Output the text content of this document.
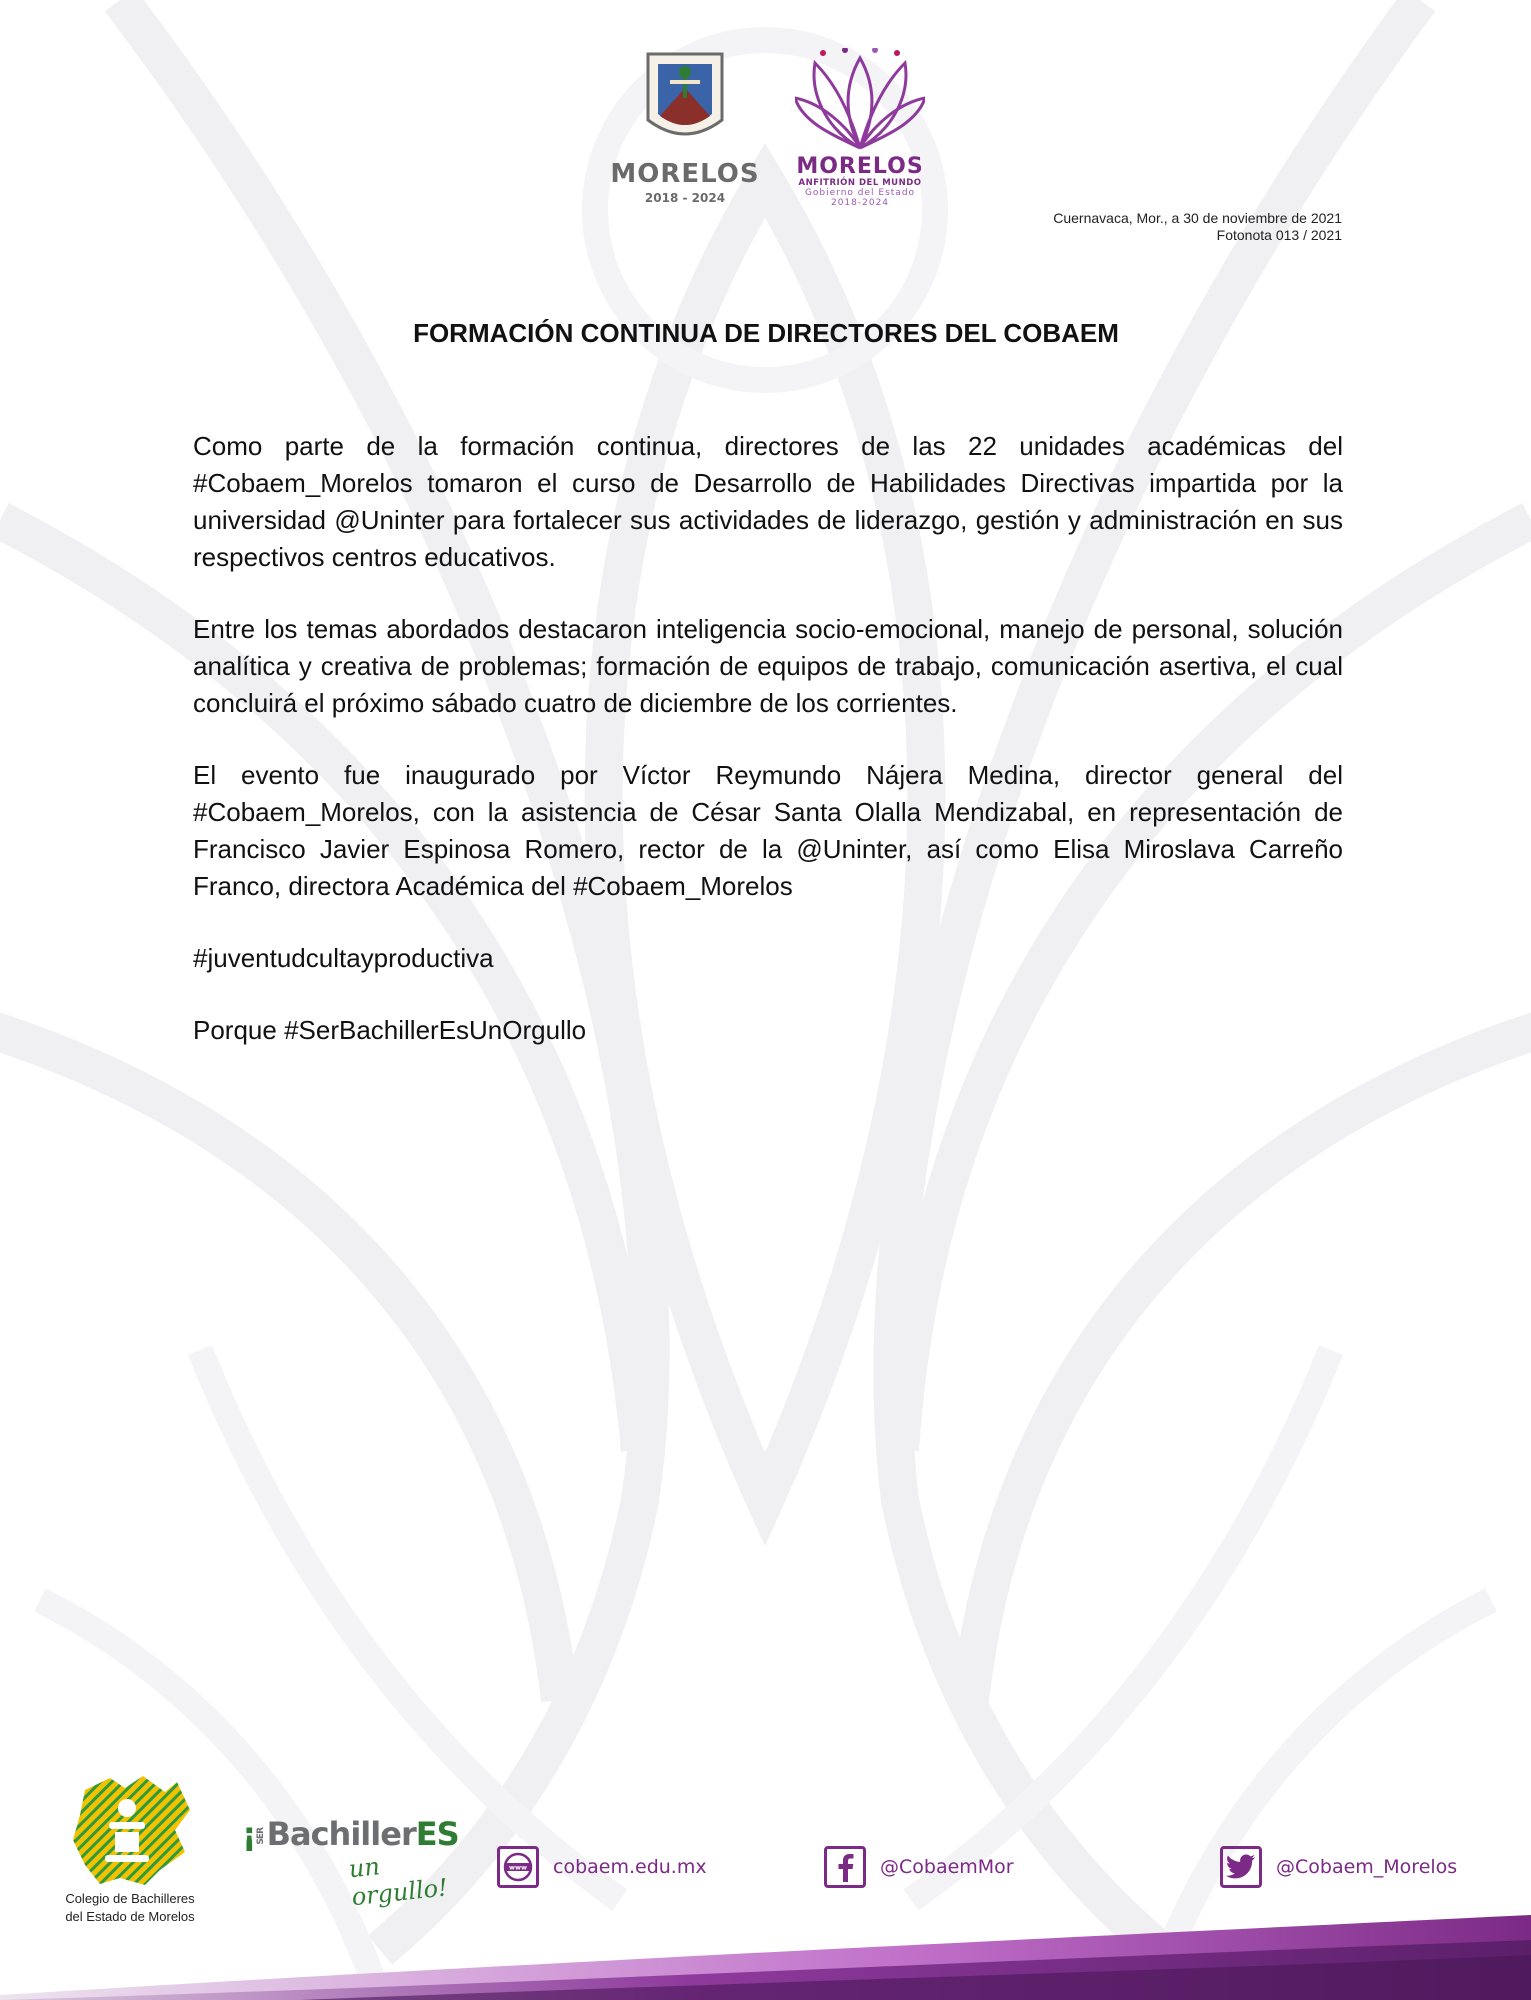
MORELOS
2018 - 2024
MORELOS
ANFITRIÓN DEL MUNDO
Gobierno del Estado
2018-2024
Cuernavaca, Mor., a 30 de noviembre de 2021
Fotonota 013 / 2021
FORMACIÓN CONTINUA DE DIRECTORES DEL COBAEM

Como parte de la formación continua, directores de las 22 unidades académicas del #Cobaem_Morelos tomaron el curso de Desarrollo de Habilidades Directivas impartida por la universidad @Uninter para fortalecer sus actividades de liderazgo, gestión y administración en sus respectivos centros educativos.

Entre los temas abordados destacaron inteligencia socio-emocional, manejo de personal, solución analítica y creativa de problemas; formación de equipos de trabajo, comunicación asertiva, el cual concluirá el próximo sábado cuatro de diciembre de los corrientes.

El evento fue inaugurado por Víctor Reymundo Nájera Medina, director general del #Cobaem_Morelos, con la asistencia de César Santa Olalla Mendizabal, en representación de Francisco Javier Espinosa Romero, rector de la @Uninter, así como Elisa Miroslava Carreño Franco, directora Académica del #Cobaem_Morelos

#juventudcultayproductiva

Porque #SerBachillerEsUnOrgullo

Colegio de Bachilleres
del Estado de Morelos
¡SERBachillerES
un orgullo!
www cobaem.edu.mx	@CobaemMor	@Cobaem_Morelos
